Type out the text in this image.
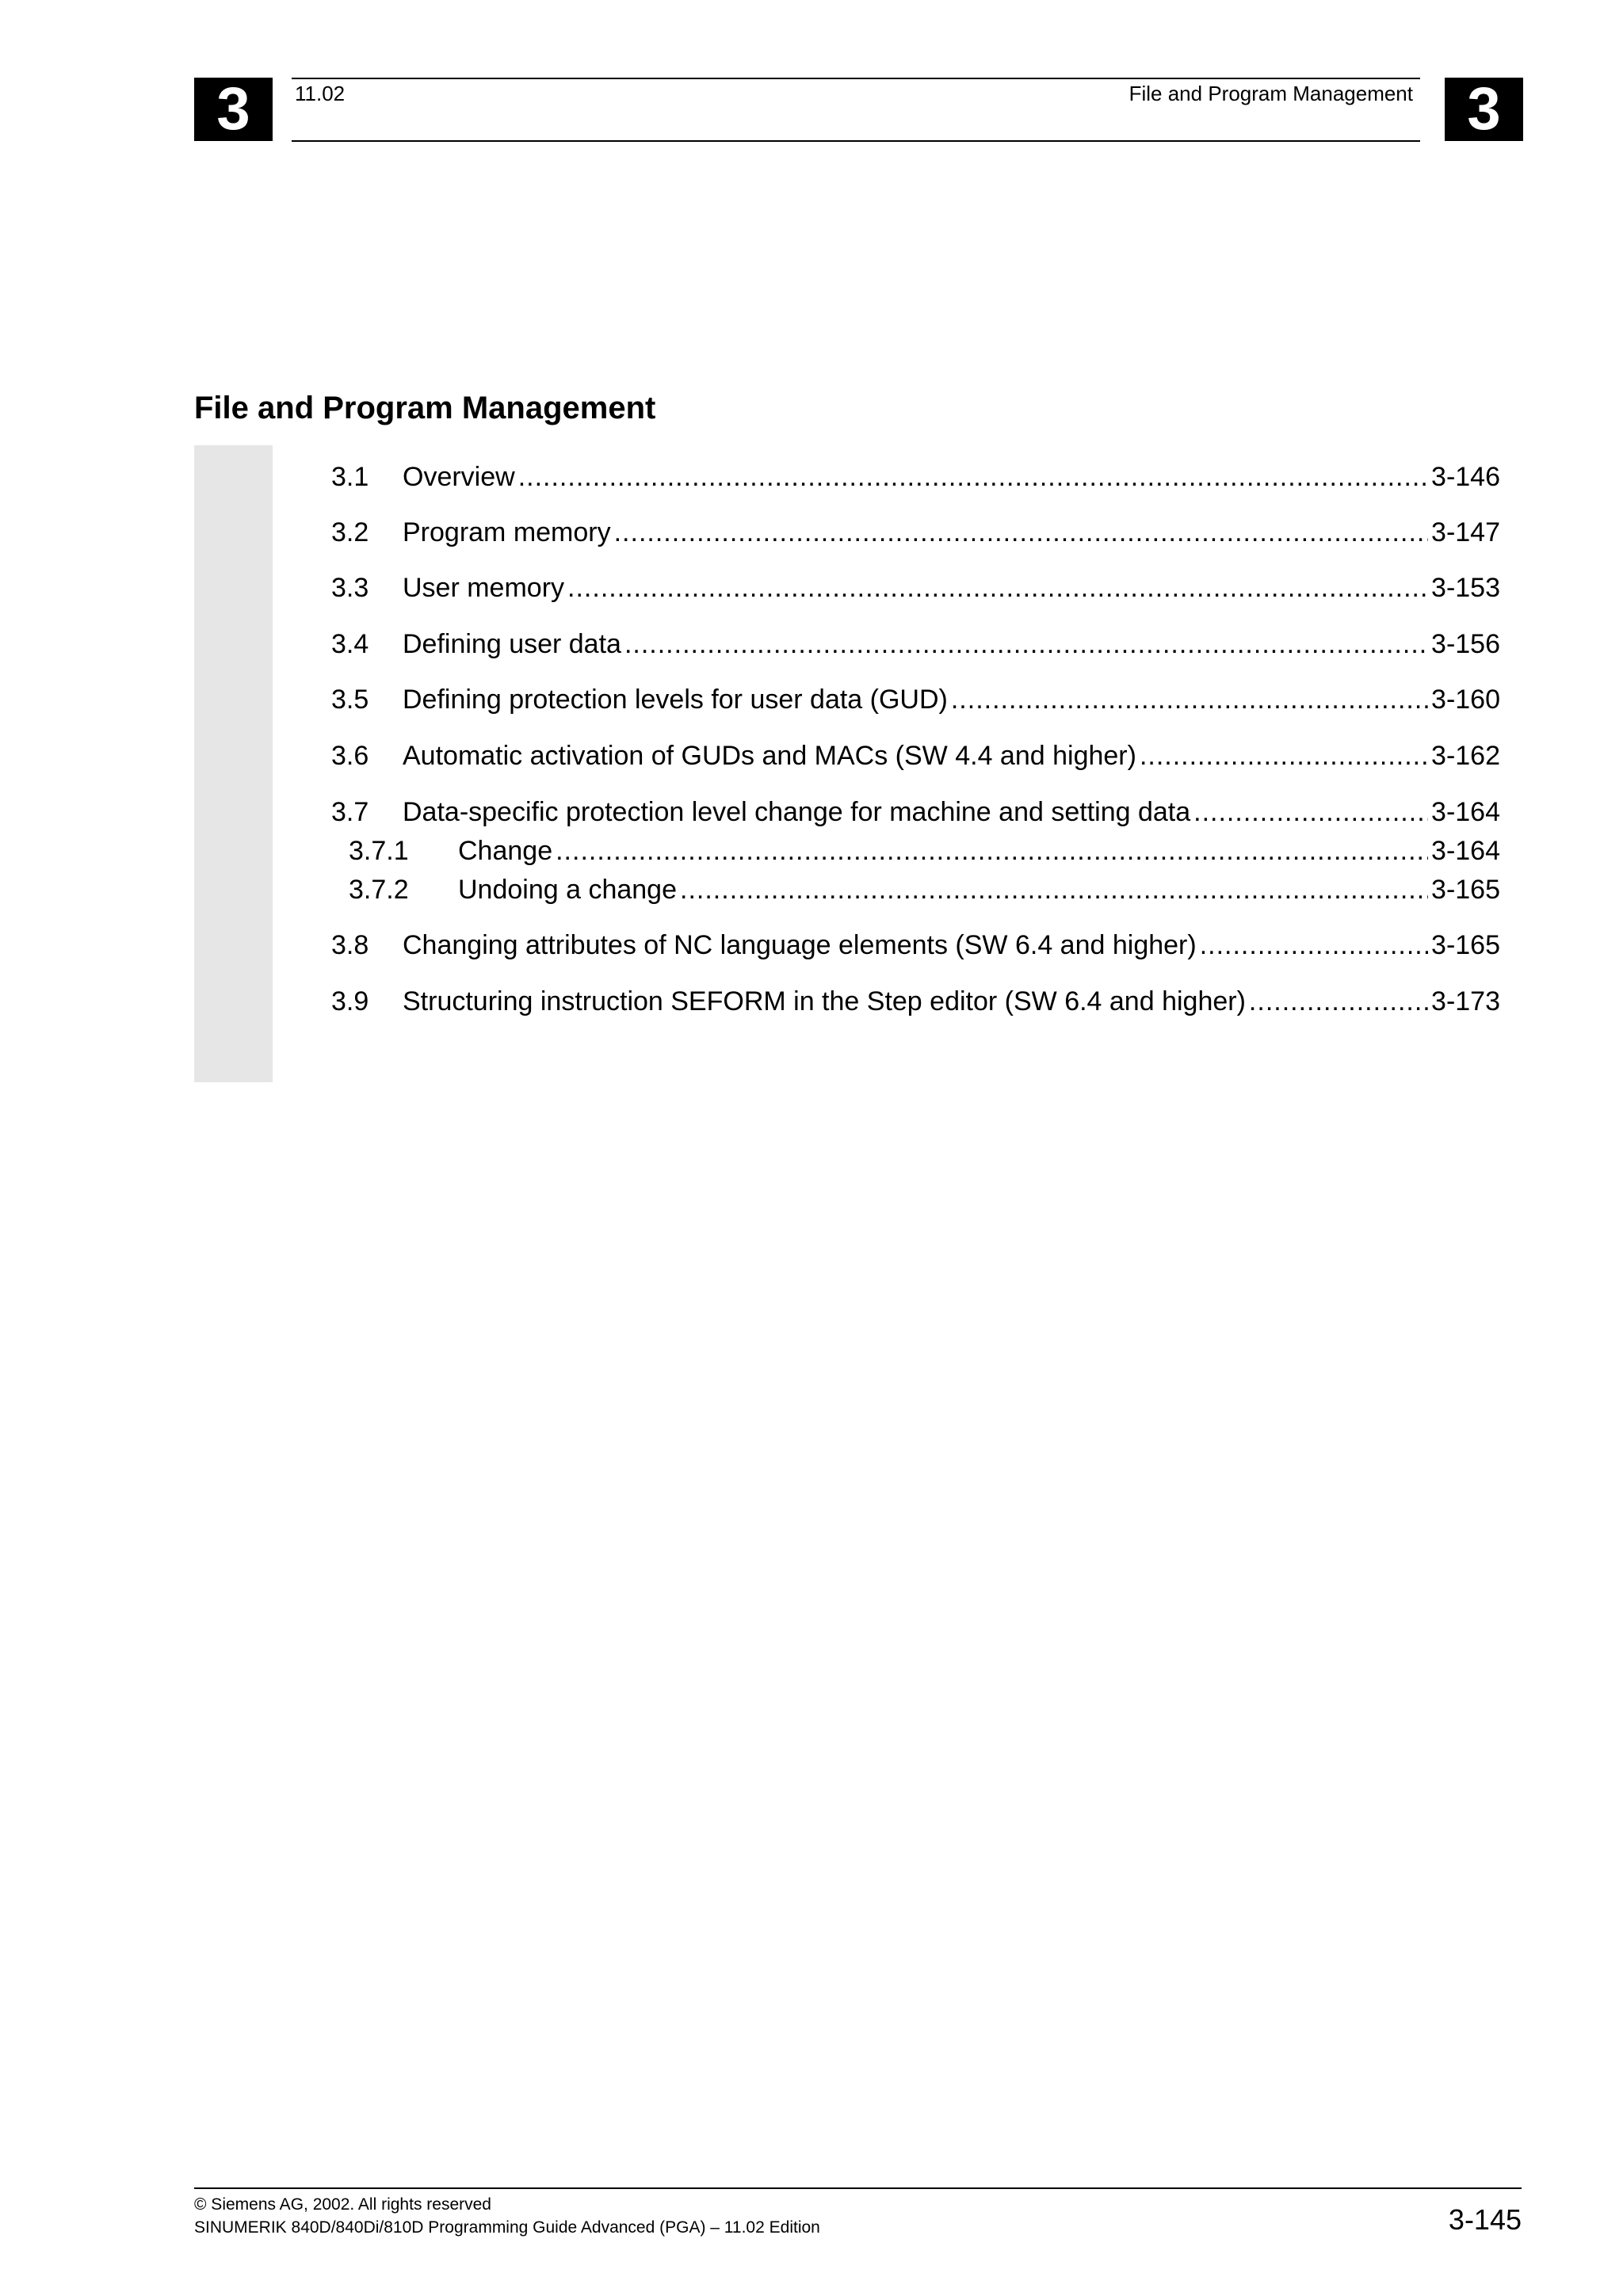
3	11.02	File and Program Management 3
File and Program Management
3.1	Overview .....	3-146
3.2	Program memory .....	3-147
3.3	User memory .....	3-153
3.4	Defining user data .....	3-156
3.5	Defining protection levels for user data (GUD) .....	3-160
3.6	Automatic activation of GUDs and MACs (SW 4.4 and higher) .....	3-162
3.7	Data-specific protection level change for machine and setting data .....	3-164
3.7.1	Change .....	3-164
3.7.2	Undoing a change .....	3-165
3.8	Changing attributes of NC language elements (SW 6.4 and higher) .....	3-165
3.9	Structuring instruction SEFORM in the Step editor (SW 6.4 and higher) .....	3-173
© Siemens AG, 2002. All rights reserved
SINUMERIK 840D/840Di/810D Programming Guide Advanced (PGA) – 11.02 Edition	3-145
